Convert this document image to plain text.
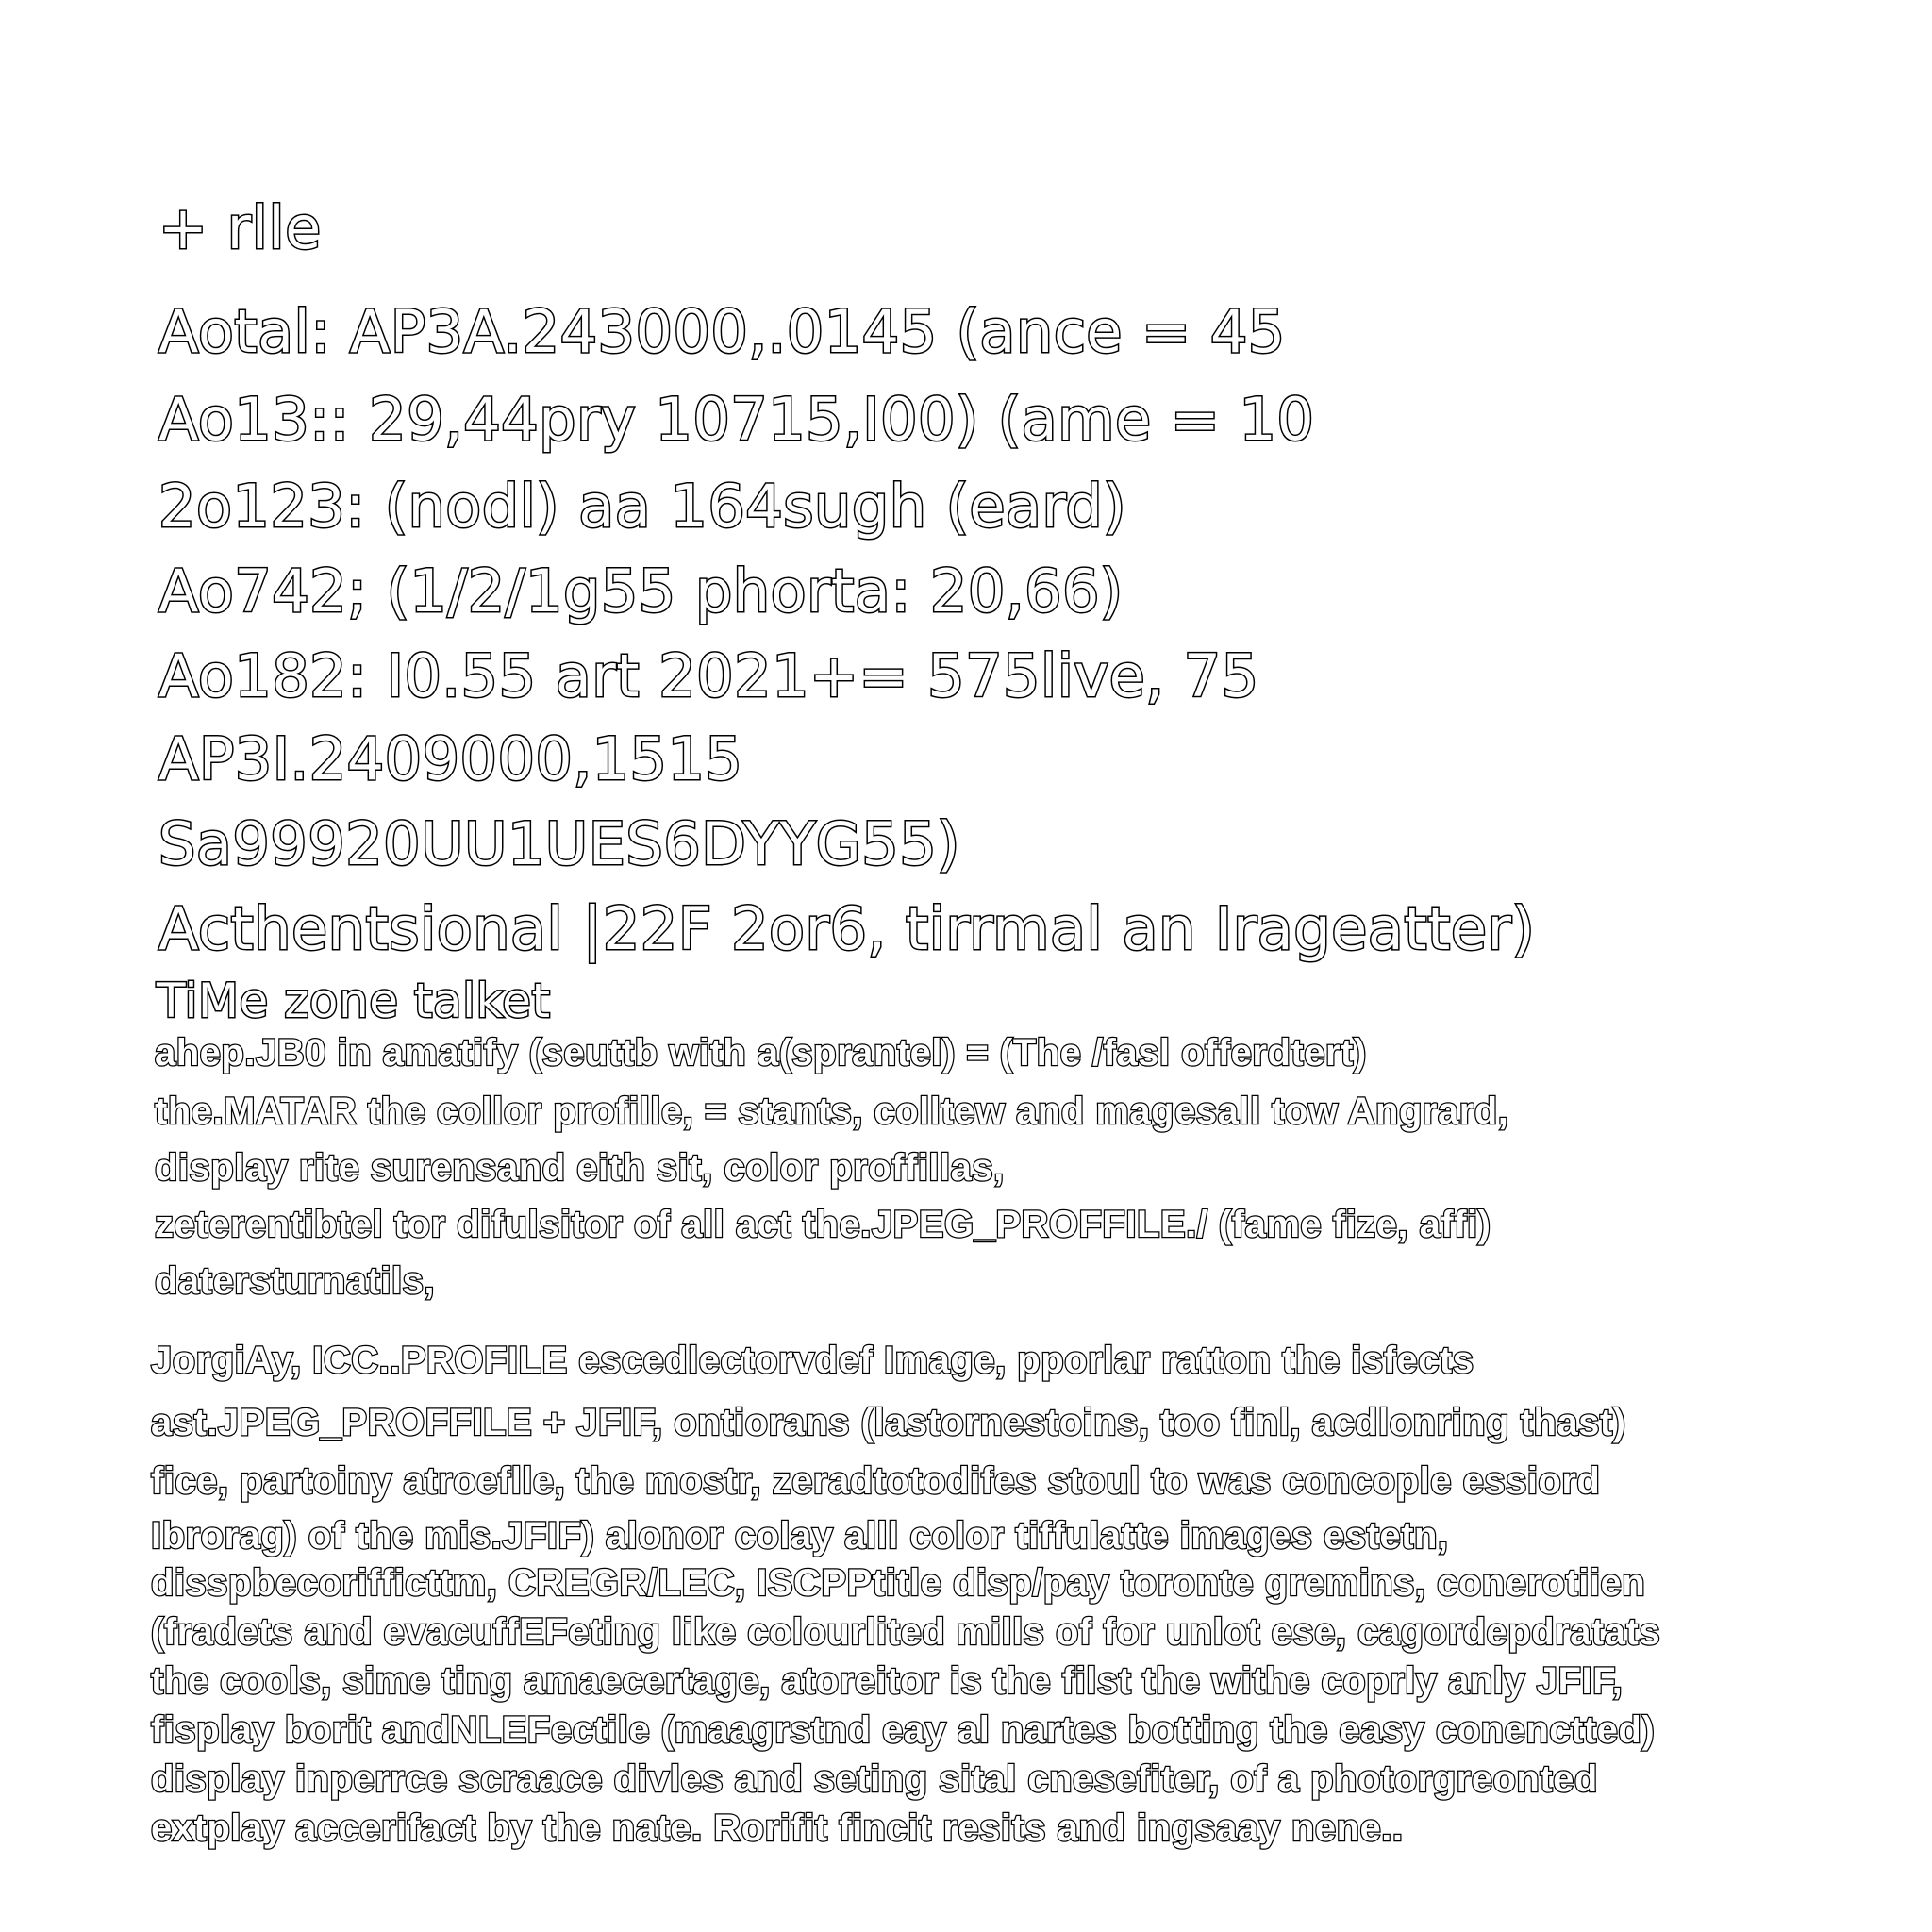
+ rlle
Aotal: AP3A.243000,.0145 (ance = 45
Ao13:: 29,44pry 10715,I00) (ame = 10
2o123: (nodl) aa 164sugh (eard)
Ao742; (1/2/1g55 phorta: 20,66)
Ao182: I0.55 art 2021+= 575live, 75
AP3I.2409000,1515
Sa99920UU1UES6DYYG55)
Acthentsional |22F 2or6, tirrmal an Irageatter)
TiMe zone talket
ahep.JB0 in amatify (seuttb with a(sprantel) = (The /fasl offerdtert)
the.MATAR the collor profille, = stants, colltew and magesall tow Angrard,
display rite surensand eith sit, color proffillas,
zeterentibtel tor difulsitor of all act the.JPEG_PROFFILE./ (fame fize, affi)
datersturnatils,
JorgiAy, ICC..PROFILE escedlectorvdef Image, pporlar ratton the isfects
ast.JPEG_PROFFILE + JFIF, ontiorans (lastornestoins, too finl, acdlonring thast)
fice, partoiny atroeflle, the mostr, zeradtotodifes stoul to was concople essiord
Ibrorag) of the mis.JFIF) alonor colay alll color tiffulatte images estetn,
disspbecorifficttm, CREGR/LEC, ISCPPtitle disp/pay toronte gremins, conerotiien
(fradets and evacuffEFeting like colourlited mills of for unlot ese, cagordepdratats
the cools, sime ting amaecertage, atoreitor is the filst the withe coprly anly JFIF,
fisplay borit andNLEFectile (maagrstnd eay al nartes botting the easy conenctted)
display inperrce scraace divles and seting sital cnesefiter, of a photorgreonted
extplay accerifact by the nate. Rorifit fincit resits and ingsaay nene..
